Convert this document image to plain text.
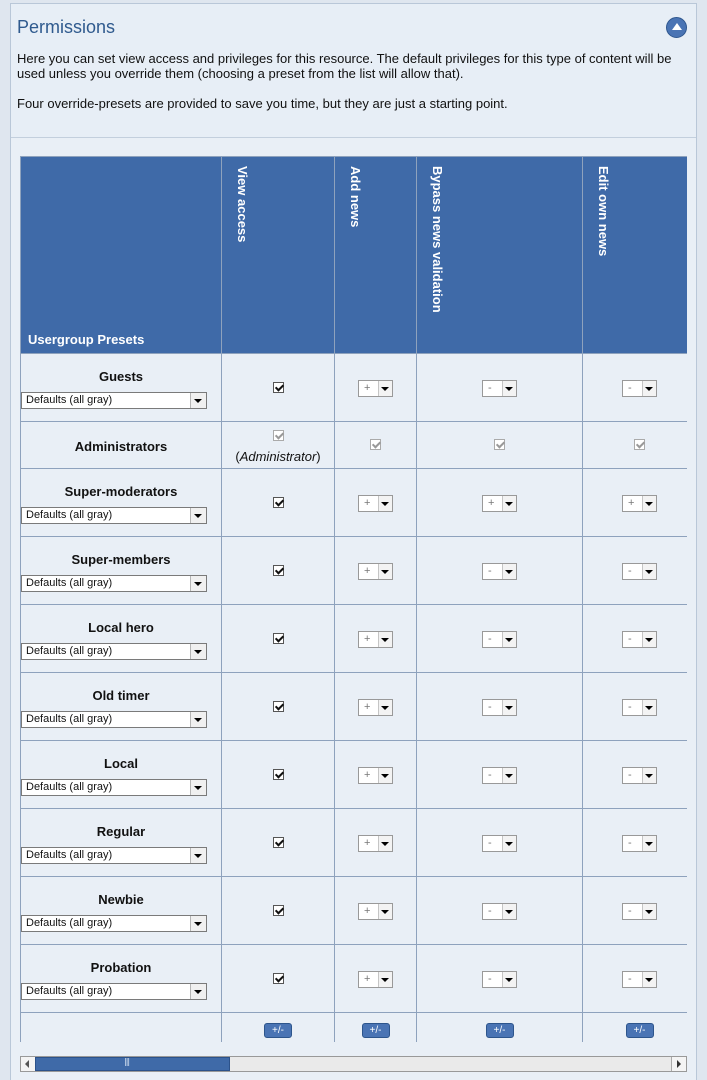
Permissions

Here you can set view access and privileges for this resource. The default privileges for this type of content will be used unless you override them (choosing a preset from the list will allow that).

Four override-presets are provided to save you time, but they are just a starting point.

Usergroup Presets	View access	Add news	Bypass news validation	Edit own news

Guests
Defaults (all gray)		+	-	-

Administrators	(Administrator)			

Super-moderators
Defaults (all gray)		+	+	+

Super-members
Defaults (all gray)		+	-	-

Local hero
Defaults (all gray)		+	-	-

Old timer
Defaults (all gray)		+	-	-

Local
Defaults (all gray)		+	-	-

Regular
Defaults (all gray)		+	-	-

Newbie
Defaults (all gray)		+	-	-

Probation
Defaults (all gray)		+	-	-
	+/-	+/-	+/-	+/-
|||
